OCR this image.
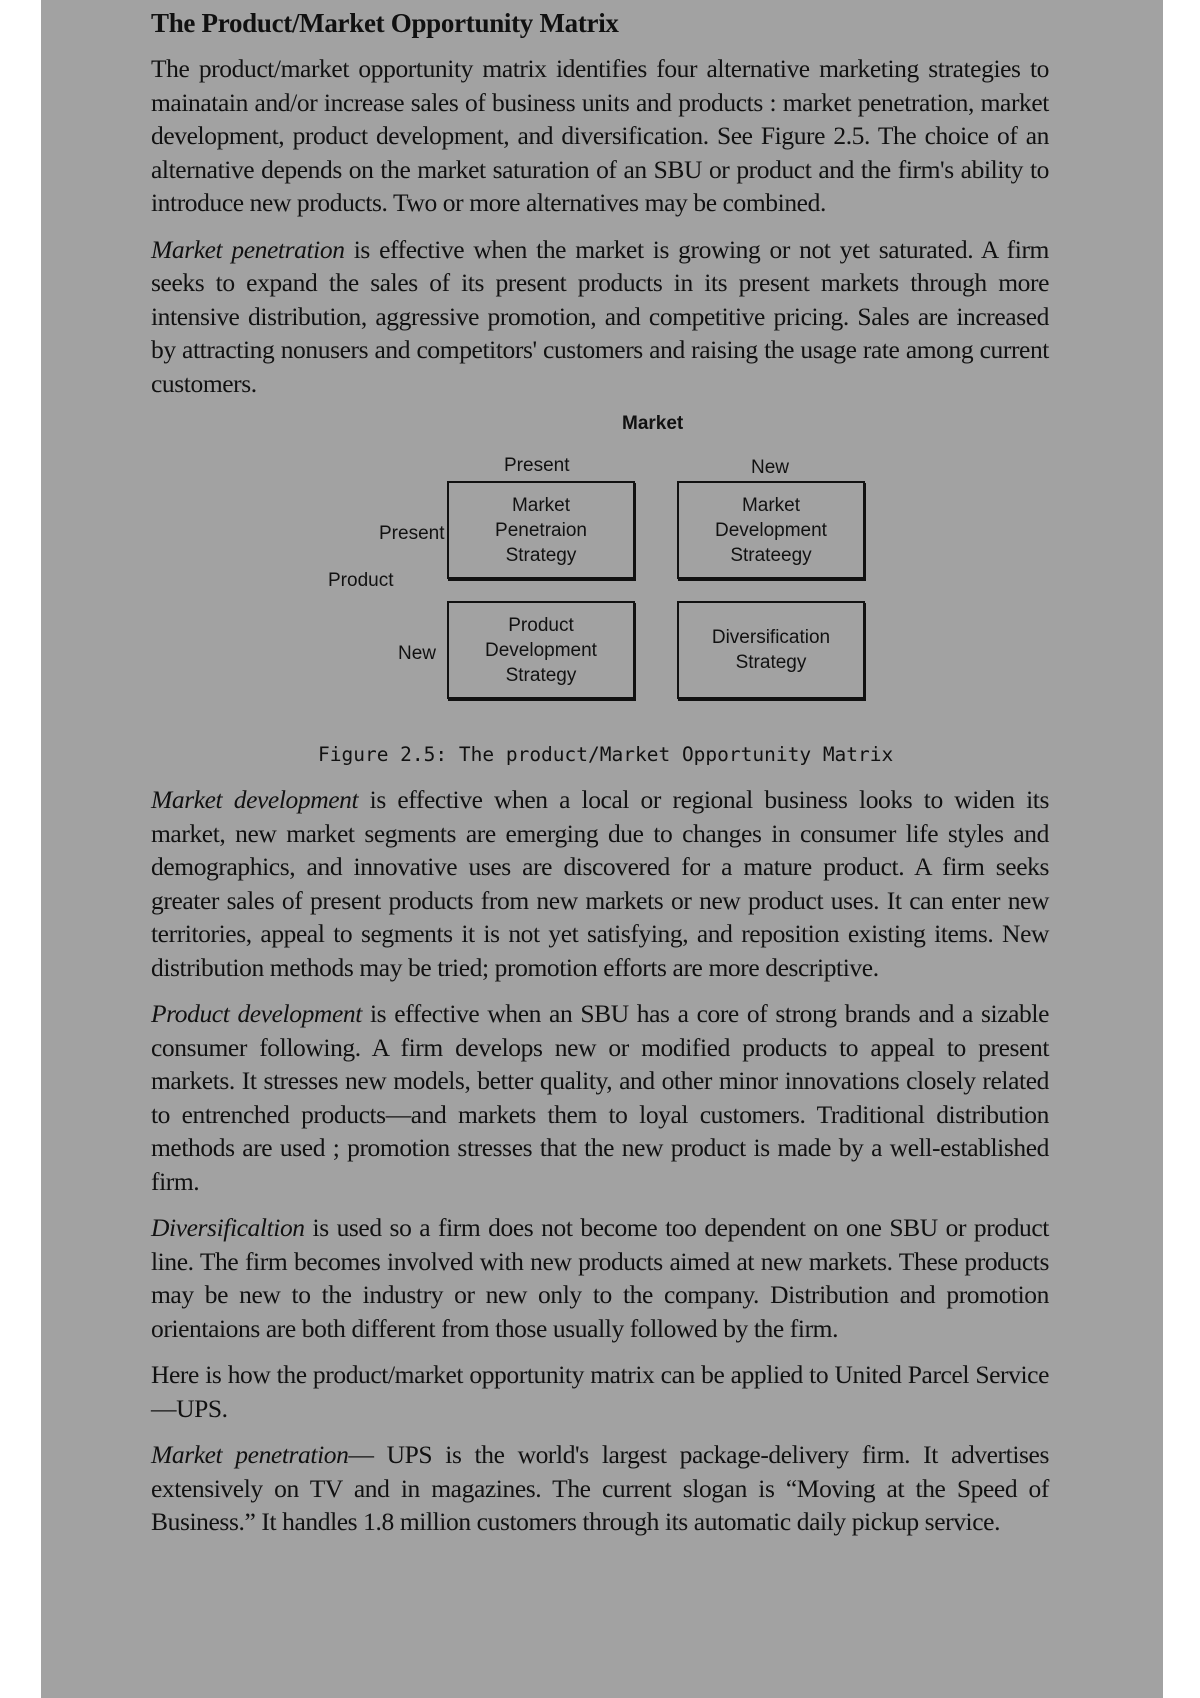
The Product/Market Opportunity Matrix

The product/market opportunity matrix identifies four alternative marketing strategies to mainatain and/or increase sales of business units and products : market penetration, market development, product development, and diversification. See Figure 2.5. The choice of an alternative depends on the market saturation of an SBU or product and the firm's ability to introduce new products. Two or more alternatives may be combined.

Market penetration is effective when the market is growing or not yet saturated. A firm seeks to expand the sales of its present products in its present markets through more intensive distribution, aggressive promotion, and competitive pricing. Sales are increased by attracting nonusers and competitors' customers and raising the usage rate among current customers.

Market
Present	New
Present
Product
New
Market
Penetraion
Strategy
Market
Development
Strateegy
Product
Development
Strategy
Diversification
Strategy
Figure 2.5: The product/Market Opportunity Matrix

Market development is effective when a local or regional business looks to widen its market, new market segments are emerging due to changes in consumer life styles and demographics, and innovative uses are discovered for a mature product. A firm seeks greater sales of present products from new markets or new product uses. It can enter new territories, appeal to segments it is not yet satisfying, and reposition existing items. New distribution methods may be tried; promotion efforts are more descriptive.

Product development is effective when an SBU has a core of strong brands and a sizable consumer following. A firm develops new or modified products to appeal to present markets. It stresses new models, better quality, and other minor innovations closely related to entrenched products—and markets them to loyal customers. Traditional distribution methods are used ; promotion stresses that the new product is made by a well-established firm.

Diversificaltion is used so a firm does not become too dependent on one SBU or product line. The firm becomes involved with new products aimed at new markets. These products may be new to the industry or new only to the company. Distribution and promotion orientaions are both different from those usually followed by the firm.

Here is how the product/market opportunity matrix can be applied to United Parcel Service—UPS.

Market penetration— UPS is the world's largest package-delivery firm. It advertises extensively on TV and in magazines. The current slogan is “Moving at the Speed of Business.” It handles 1.8 million customers through its automatic daily pickup service.
